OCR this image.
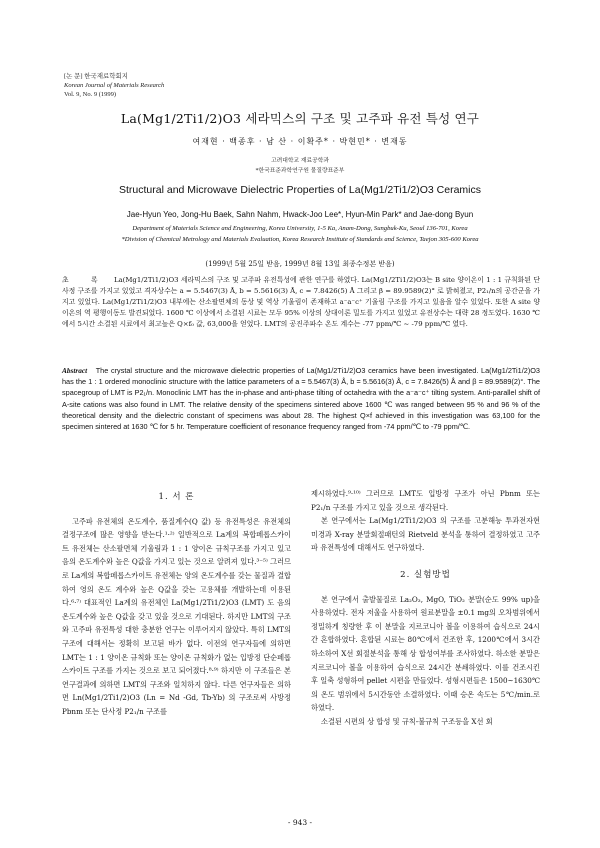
[논 문] 한국재료학회지
Korean Journal of Materials Research
Vol. 9, No. 9 (1999)
La(Mg1/2Ti1/2)O3 세라믹스의 구조 및 고주파 유전 특성 연구
여재현 · 백종후 · 남 산 · 이확주* · 박현민* · 변재동
고려대학교 재료공학과
*한국표준과학연구원 물질량표준부
Structural and Microwave Dielectric Properties of La(Mg1/2Ti1/2)O3 Ceramics
Jae-Hyun Yeo, Jong-Hu Baek, Sahn Nahm, Hwack-Joo Lee*, Hyun-Min Park* and Jae-dong Byun
Department of Materials Science and Engineering, Korea University, 1-5 Ka, Anam-Dong, Sungbuk-Ku, Seoul 136-701, Korea
*Division of Chemical Metrology and Materials Evaluation, Korea Research Institute of Standards and Science, Taejon 305-600 Korea
(1999년 5월 25일 받음, 1999년 8월 13일 최종수정본 받음)
초 록 La(Mg1/2Ti1/2)O3 세라믹스의 구조 및 고주파 유전특성에 관한 연구를 하였다. La(Mg1/2Ti1/2)O3는 B site 양이온이 1 : 1 규칙화된 단사정 구조를 가지고 있었고 격자상수는 a = 5.5467(3) Å, b = 5.5616(3) Å, c = 7.8426(5) Å 그리고 β = 89.9589(2)° 로 밝혀졌고, P2₁/n의 공간군을 가지고 있었다. La(Mg1/2Ti1/2)O3 내부에는 산소팔면체의 동상 및 역상 기울림이 존재하고 a⁻a⁻c⁺ 기울림 구조를 가지고 있음을 알수 있었다. 또한 A site 양이온의 역 평행이동도 발견되었다. 1600 ℃ 이상에서 소결된 시료는 모두 95% 이상의 상대이론 밀도를 가지고 있었고 유전상수는 대략 28 정도였다. 1630 ℃에서 5시간 소결된 시료에서 최고높은 Q×f₀ 값, 63,000을 얻었다. LMT의 공진주파수 온도 계수는 -77 ppm/℃ ~ -79 ppm/℃ 였다.
Abstract The crystal structure and the microwave dielectric properties of La(Mg1/2Ti1/2)O3 ceramics have been investigated. La(Mg1/2Ti1/2)O3 has the 1 : 1 ordered monoclinic structure with the lattice parameters of a = 5.5467(3) Å, b = 5.5616(3) Å, c = 7.8426(5) Å and β = 89.9589(2)°. The spacegroup of LMT is P2₁/n. Monoclinic LMT has the in-phase and anti-phase tilting of octahedra with the a⁻a⁻c⁺ tilting system. Anti-parallel shift of A-site cations was also found in LMT. The relative density of the specimens sintered above 1600 ℃ was ranged between 95 % and 96 % of the theoretical density and the dielectric constant of specimens was about 28. The highest Q×f achieved in this investigation was 63,100 for the specimen sintered at 1630 ℃ for 5 hr. Temperature coefficient of resonance frequency ranged from -74 ppm/℃ to -79 ppm/℃.
1. 서 론

고주파 유전체의 온도계수, 품질계수(Q 값) 등 유전특성은 유전체의 결정구조에 많은 영향을 받는다.¹·²⁾ 일반적으로 La계의 복합페롭스카이트 유전체는 산소팔면체 기울림과 1 : 1 양이온 규칙구조를 가지고 있고 음의 온도계수와 높은 Q값을 가지고 있는 것으로 알려져 있다.³⁻⁵⁾ 그러므로 La계의 복합페롭스카이트 유전체는 양의 온도계수를 갖는 물질과 결합하여 영의 온도 계수와 높은 Q값을 갖는 고용체를 개발하는데 이용된다.⁶·⁷⁾ 대표적인 La계의 유전체인 La(Mg1/2Ti1/2)O3 (LMT) 도 음의 온도계수와 높은 Q값을 갖고 있을 것으로 기대된다. 하지만 LMT의 구조와 고주파 유전특성 대한 충분한 연구는 이루어지지 않았다. 특히 LMT의 구조에 대해서는 정확히 보고된 바가 없다. 이전의 연구자들에 의하면 LMT는 1 : 1 양이온 규칙화 또는 양이온 규칙화가 없는 입방정 단순페롭스카이트 구조를 가지는 것으로 보고 되어졌다.⁸·⁹⁾ 하지만 이 구조들은 본 연구결과에 의하면 LMT의 구조와 일치하지 않다. 다른 연구자들은 의하면 Ln(Mg1/2Ti1/2)O3 (Ln = Nd -Gd, Tb-Yb) 의 구조로써 사방정 Pbnm 또는 단사정 P2₁/n 구조를

제시하였다.⁹·¹⁰⁾ 그러므로 LMT도 입방정 구조가 아닌 Pbnm 또는 P2₁/n 구조를 가지고 있을 것으로 생각된다.

본 연구에서는 La(Mg1/2Ti1/2)O3 의 구조를 고분해능 투과전자현미경과 X-ray 분말회절패턴의 Rietveld 분석을 통하여 결정하였고 고주파 유전특성에 대해서도 연구하였다.

2. 실험방법

본 연구에서 출발물질로 La₂O₃, MgO, TiO₂ 분말(순도 99% up)을 사용하였다. 전자 저울을 사용하여 원료분말을 ±0.1 mg의 오차범위에서 정밀하게 칭량한 후 이 분말을 지르코니아 볼을 이용하여 습식으로 24시간 혼합하였다. 혼합된 시료는 80℃에서 건조한 후, 1200℃에서 3시간 하소하여 X선 회절분석을 통해 상 합성여부를 조사하였다. 하소한 분말은 지르코니아 볼을 이용하여 습식으로 24시간 분쇄하였다. 이를 건조시킨 후 일축 성형하여 pellet 시편을 만들었다. 성형시편들은 1500~1630℃의 온도 범위에서 5시간동안 소결하였다. 이때 승온 속도는 5℃/min.로 하였다.

소결된 시편의 상 합성 및 규칙-불규칙 구조등을 X선 회

- 943 -
